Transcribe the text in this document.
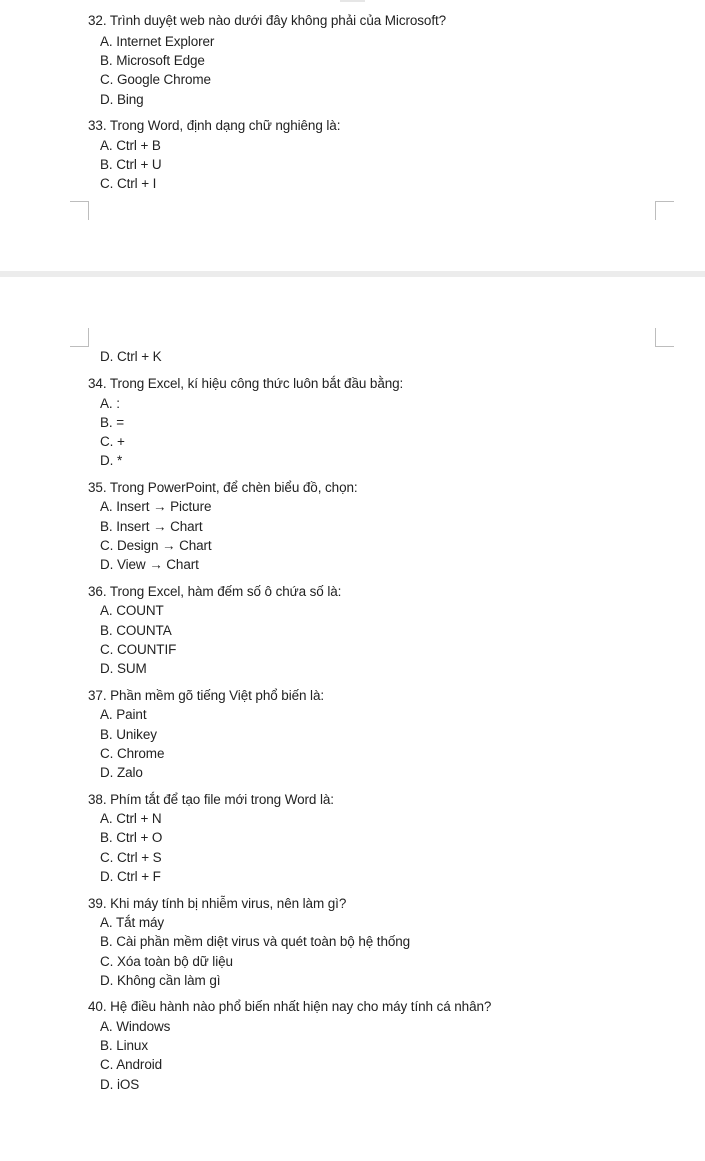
32. Trình duyệt web nào dưới đây không phải của Microsoft?
A. Internet Explorer
B. Microsoft Edge
C. Google Chrome
D. Bing
33. Trong Word, định dạng chữ nghiêng là:
A. Ctrl + B
B. Ctrl + U
C. Ctrl + I
D. Ctrl + K
34. Trong Excel, kí hiệu công thức luôn bắt đầu bằng:
A. :
B. =
C. +
D. *
35. Trong PowerPoint, để chèn biểu đồ, chọn:
A. Insert → Picture
B. Insert → Chart
C. Design → Chart
D. View → Chart
36. Trong Excel, hàm đếm số ô chứa số là:
A. COUNT
B. COUNTA
C. COUNTIF
D. SUM
37. Phần mềm gõ tiếng Việt phổ biến là:
A. Paint
B. Unikey
C. Chrome
D. Zalo
38. Phím tắt để tạo file mới trong Word là:
A. Ctrl + N
B. Ctrl + O
C. Ctrl + S
D. Ctrl + F
39. Khi máy tính bị nhiễm virus, nên làm gì?
A. Tắt máy
B. Cài phần mềm diệt virus và quét toàn bộ hệ thống
C. Xóa toàn bộ dữ liệu
D. Không cần làm gì
40. Hệ điều hành nào phổ biến nhất hiện nay cho máy tính cá nhân?
A. Windows
B. Linux
C. Android
D. iOS
